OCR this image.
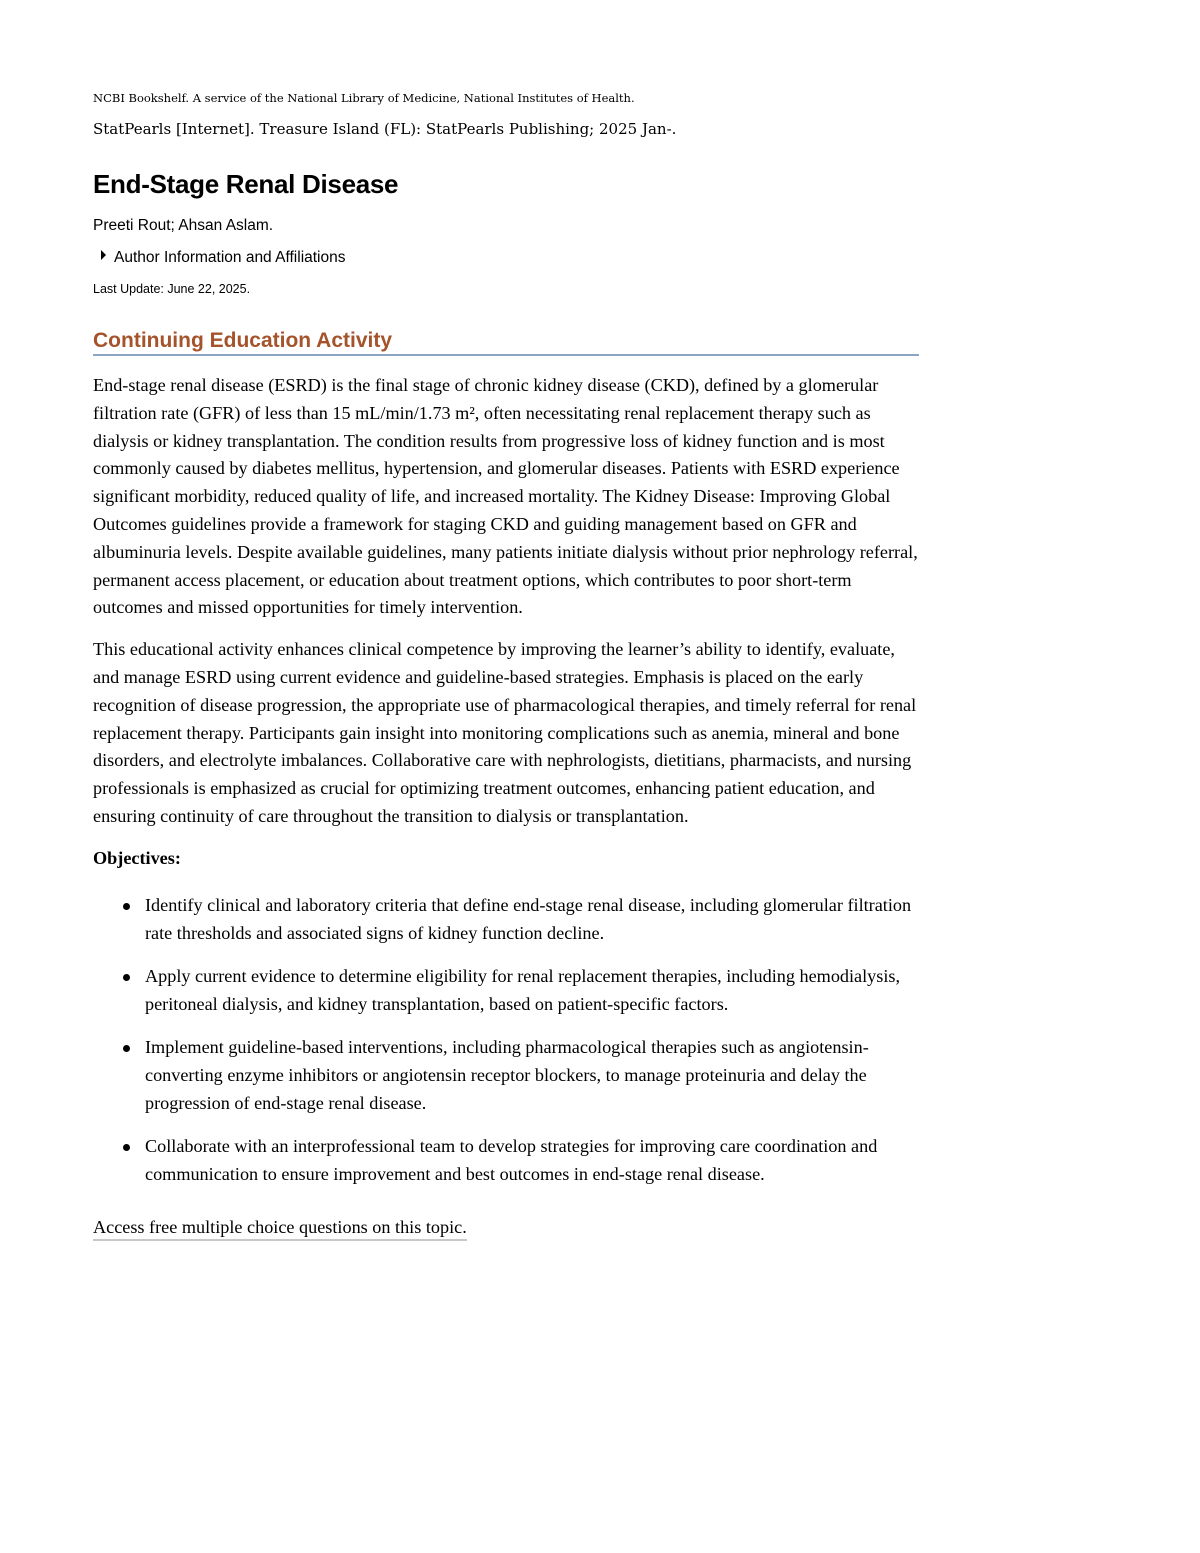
NCBI Bookshelf. A service of the National Library of Medicine, National Institutes of Health.

StatPearls [Internet]. Treasure Island (FL): StatPearls Publishing; 2025 Jan-.

End-Stage Renal Disease

Preeti Rout; Ahsan Aslam.

Author Information and Affiliations

Last Update: June 22, 2025.

Continuing Education Activity

End-stage renal disease (ESRD) is the final stage of chronic kidney disease (CKD), defined by a glomerular filtration rate (GFR) of less than 15 mL/min/1.73 m², often necessitating renal replacement therapy such as dialysis or kidney transplantation. The condition results from progressive loss of kidney function and is most commonly caused by diabetes mellitus, hypertension, and glomerular diseases. Patients with ESRD experience significant morbidity, reduced quality of life, and increased mortality. The Kidney Disease: Improving Global Outcomes guidelines provide a framework for staging CKD and guiding management based on GFR and albuminuria levels. Despite available guidelines, many patients initiate dialysis without prior nephrology referral, permanent access placement, or education about treatment options, which contributes to poor short-term outcomes and missed opportunities for timely intervention.

This educational activity enhances clinical competence by improving the learner’s ability to identify, evaluate, and manage ESRD using current evidence and guideline-based strategies. Emphasis is placed on the early recognition of disease progression, the appropriate use of pharmacological therapies, and timely referral for renal replacement therapy. Participants gain insight into monitoring complications such as anemia, mineral and bone disorders, and electrolyte imbalances. Collaborative care with nephrologists, dietitians, pharmacists, and nursing professionals is emphasized as crucial for optimizing treatment outcomes, enhancing patient education, and ensuring continuity of care throughout the transition to dialysis or transplantation.

Objectives:

Identify clinical and laboratory criteria that define end-stage renal disease, including glomerular filtration rate thresholds and associated signs of kidney function decline.
Apply current evidence to determine eligibility for renal replacement therapies, including hemodialysis, peritoneal dialysis, and kidney transplantation, based on patient-specific factors.
Implement guideline-based interventions, including pharmacological therapies such as angiotensin-converting enzyme inhibitors or angiotensin receptor blockers, to manage proteinuria and delay the progression of end-stage renal disease.
Collaborate with an interprofessional team to develop strategies for improving care coordination and communication to ensure improvement and best outcomes in end-stage renal disease.
Access free multiple choice questions on this topic.
